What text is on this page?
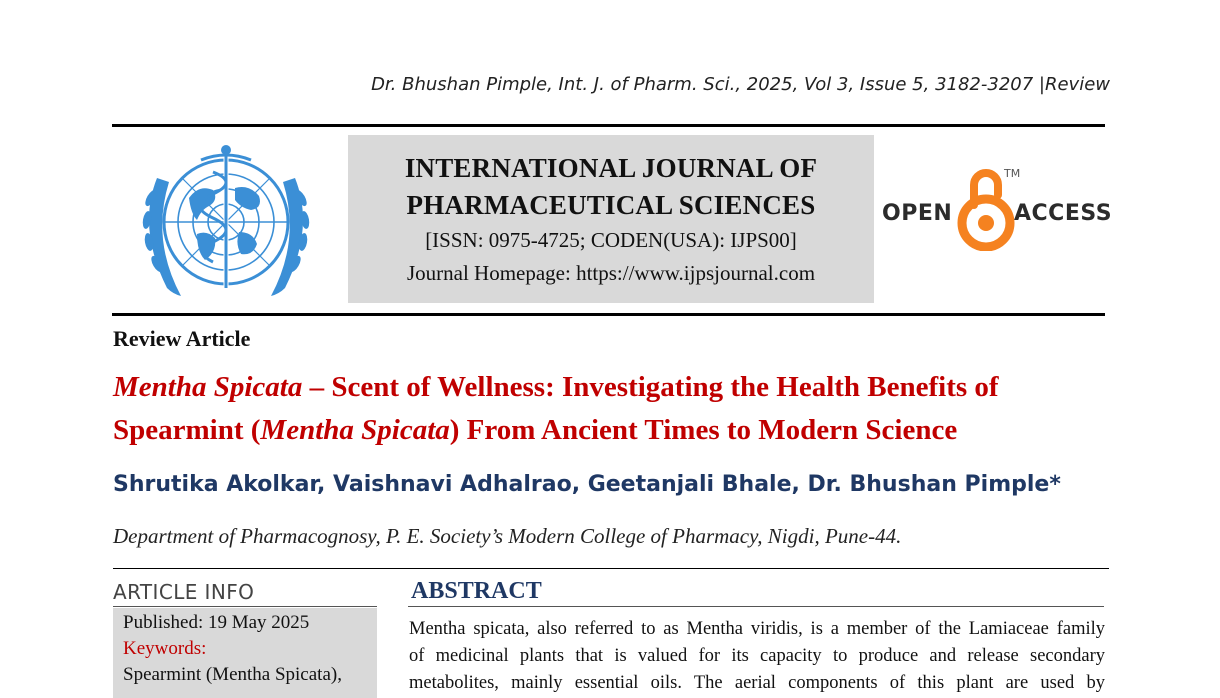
Dr. Bhushan Pimple, Int. J. of Pharm. Sci., 2025, Vol 3, Issue 5, 3182-3207 |Review
INTERNATIONAL JOURNAL OF
PHARMACEUTICAL SCIENCES
[ISSN: 0975-4725; CODEN(USA): IJPS00]
Journal Homepage: https://www.ijpsjournal.com
OPEN
TM
ACCESS
Review Article
Mentha Spicata – Scent of Wellness: Investigating the Health Benefits of Spearmint (Mentha Spicata) From Ancient Times to Modern Science
Shrutika Akolkar, Vaishnavi Adhalrao, Geetanjali Bhale, Dr. Bhushan Pimple*
Department of Pharmacognosy, P. E. Society’s Modern College of Pharmacy, Nigdi, Pune-44.
ARTICLE INFO
Published: 19 May 2025
Keywords:
Spearmint (Mentha Spicata),
ABSTRACT
Mentha spicata, also referred to as Mentha viridis, is a member of the Lamiaceae family
of medicinal plants that is valued for its capacity to produce and release secondary
metabolites, mainly essential oils. The aerial components of this plant are used by
